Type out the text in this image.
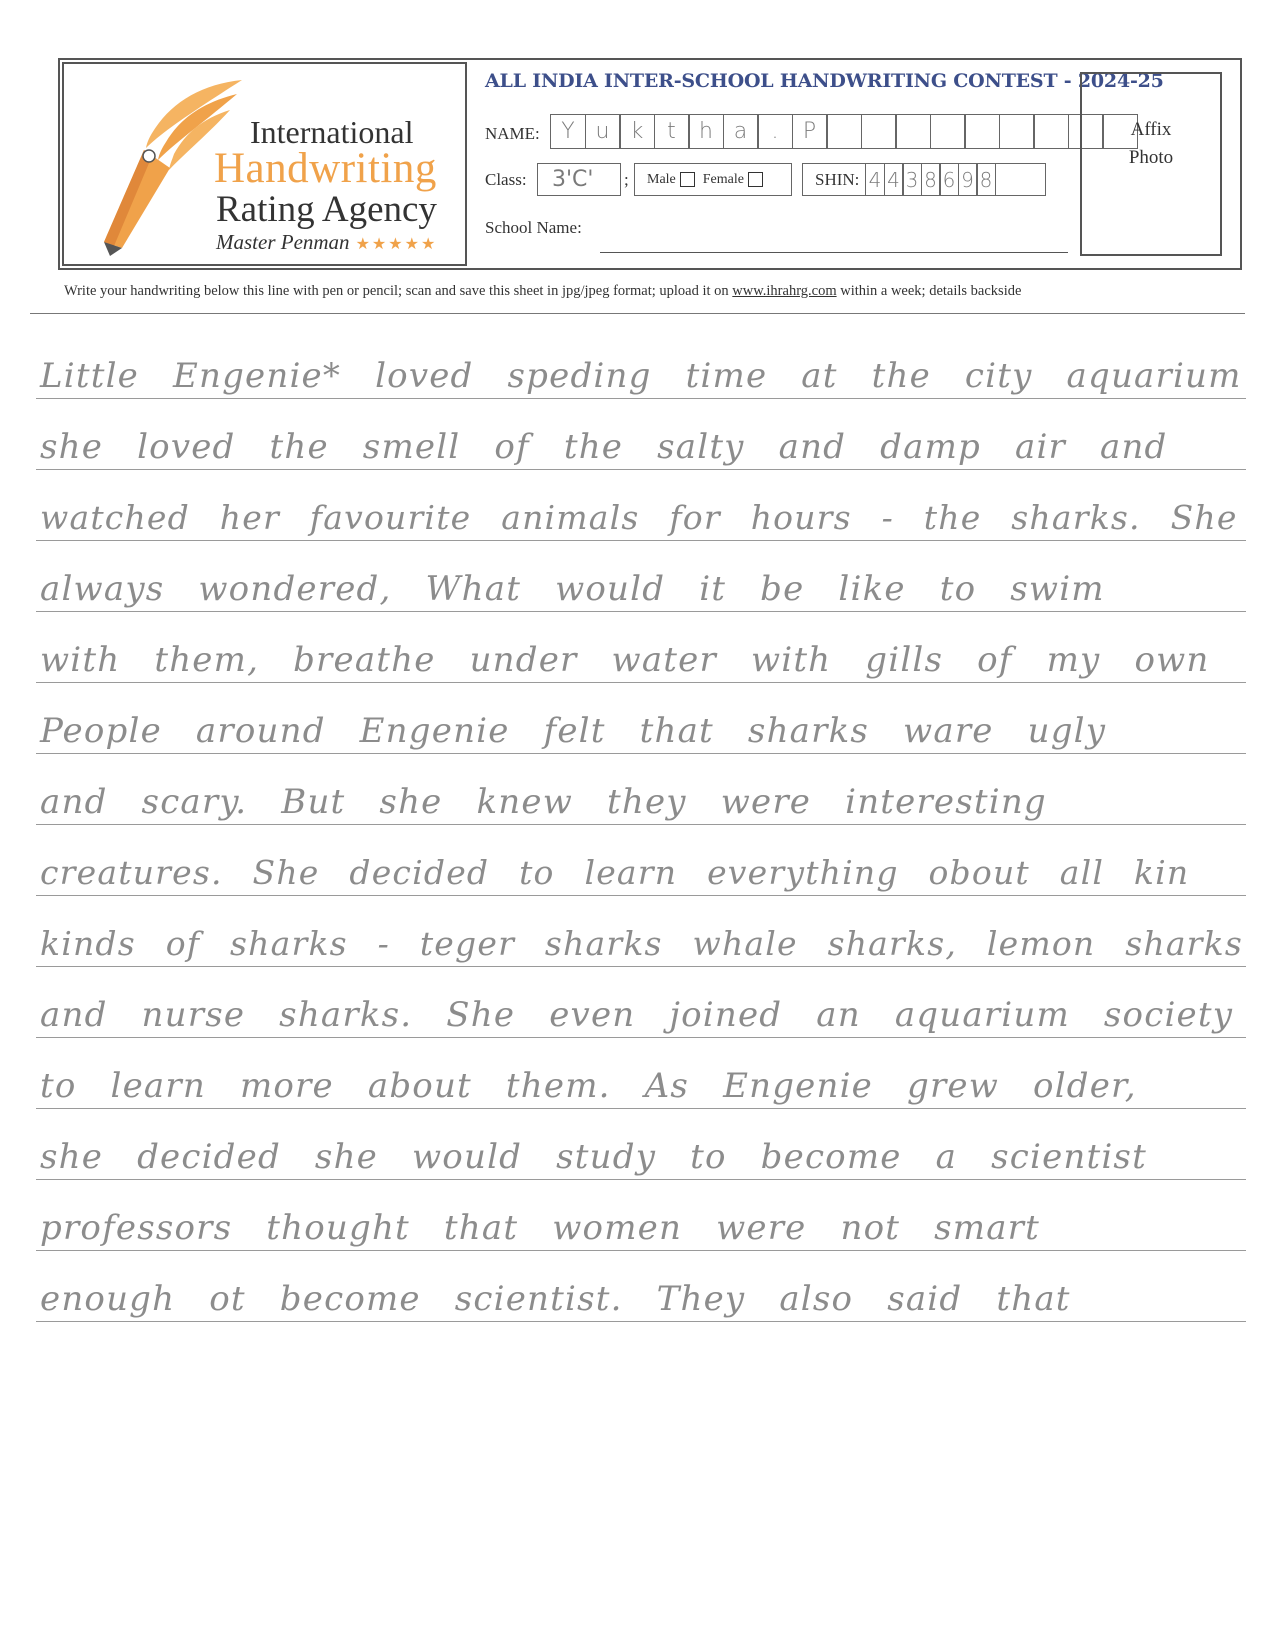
International
Handwriting
Rating Agency
Master Penman ★★★★★
ALL INDIA INTER-SCHOOL HANDWRITING CONTEST - 2024-25
NAME: Y u k	t	h a	.	P
Class:	3'C'	; Male Female	SHIN: 4 4 3 8 6 9 8
School Name:
Affix
Photo
Write your handwriting below this line with pen or pencil; scan and save this sheet in jpg/jpeg format; upload it on www.ihrahrg.com within a week; details backside
Little Engenie* loved speding time at the city aquarium
she loved the smell of the salty and damp air and
watched her favourite animals for hours - the sharks. She
always wondered, What would it be like to swim
with them, breathe under water with gills of my own
People around Engenie felt that sharks ware ugly
and scary. But she knew they were interesting
creatures. She decided to learn everything obout all kin
kinds of sharks - teger sharks whale sharks, lemon sharks
and nurse sharks. She even joined an aquarium society
to learn more about them. As Engenie grew older,
she decided she would study to become a scientist
professors thought that women were not smart
enough ot become scientist. They also said that
